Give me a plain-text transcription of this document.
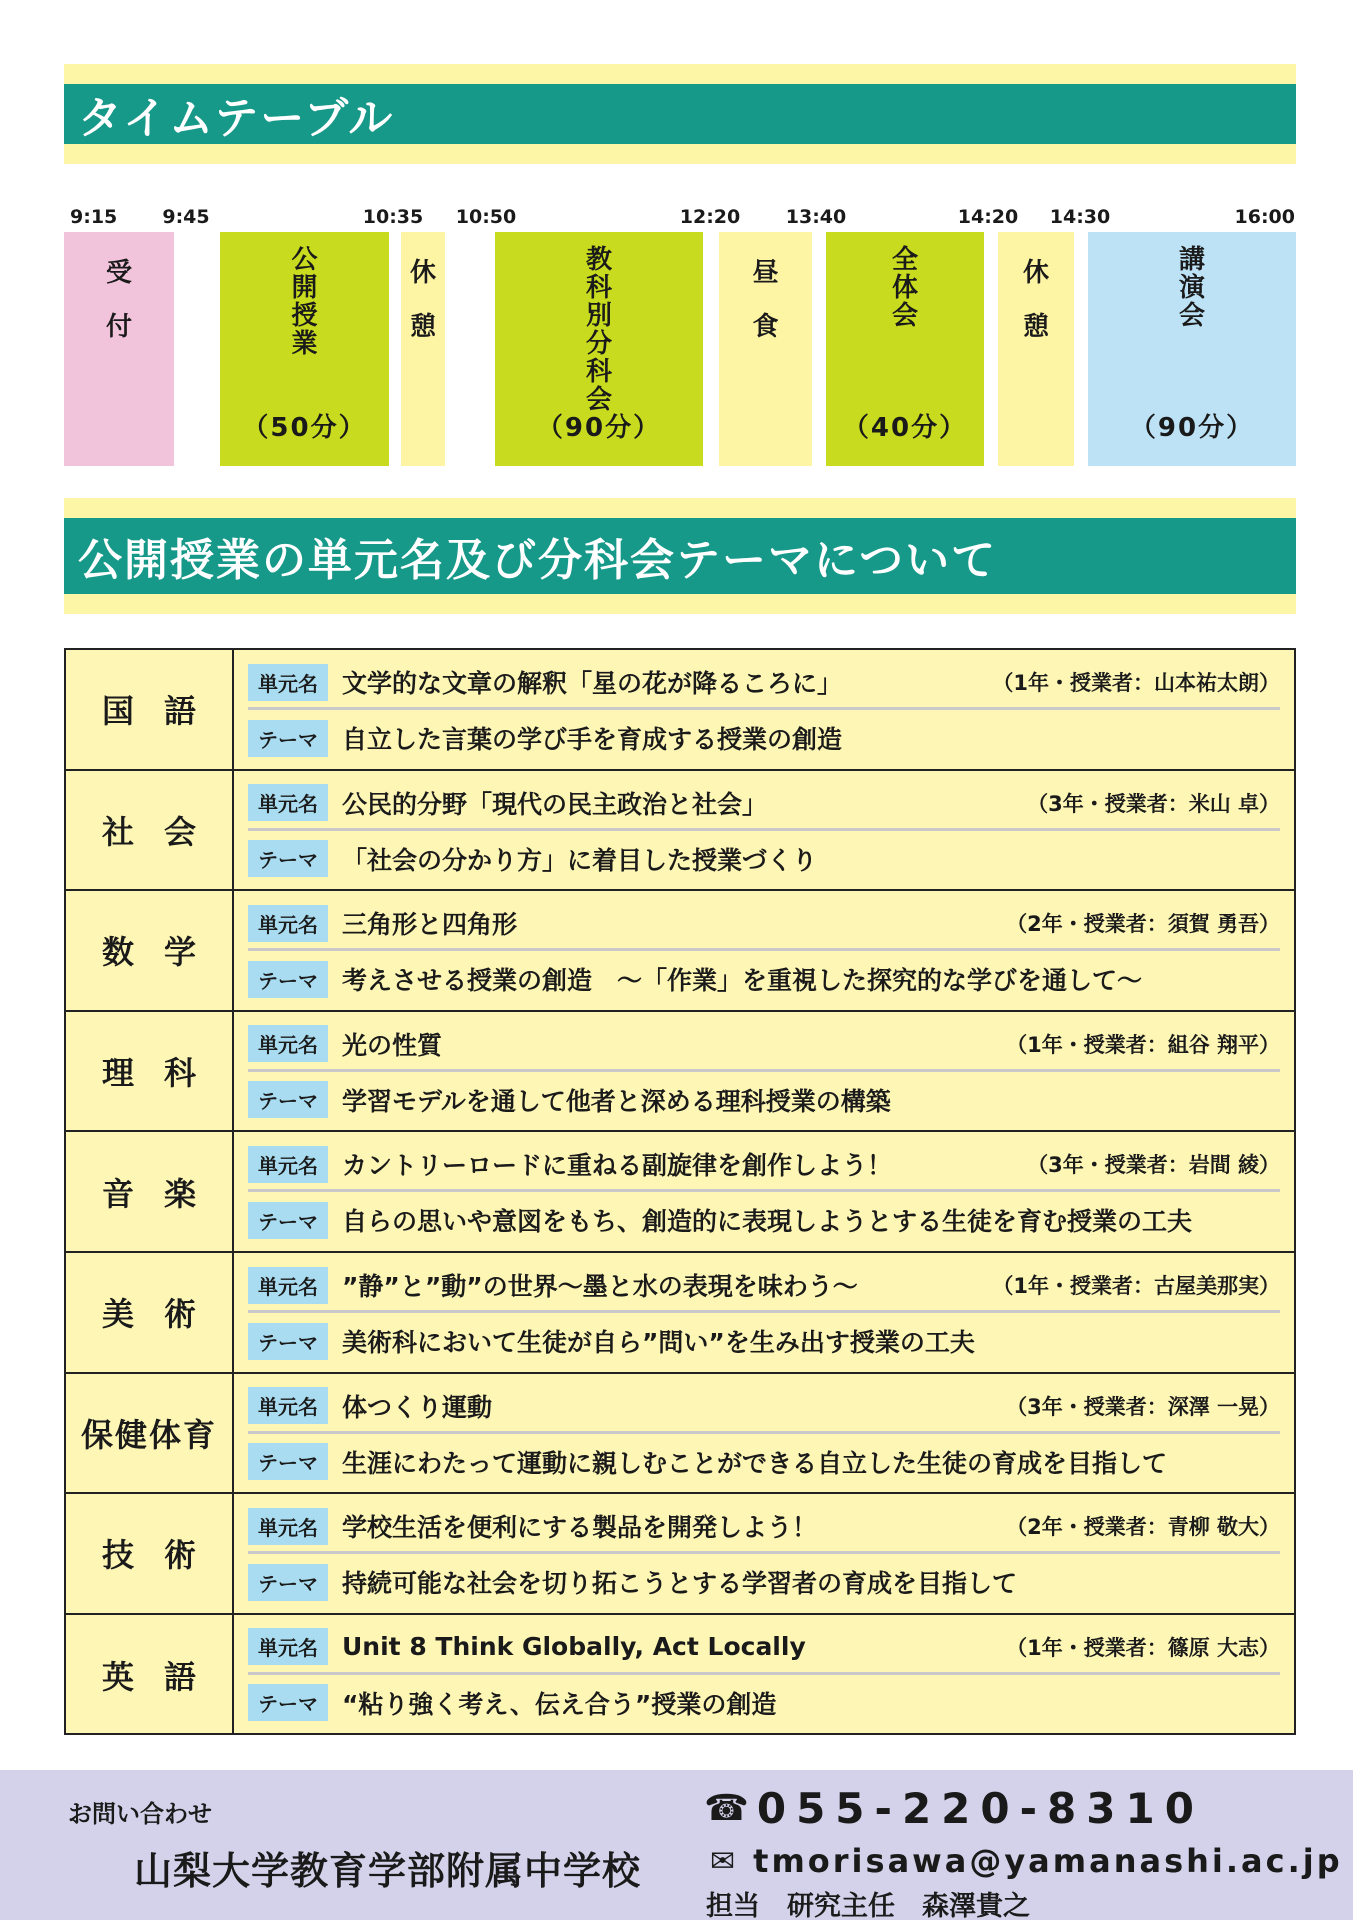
タイムテーブル
9:15 9:45	10:35 10:50	12:20 13:40	14:20 14:30	16:00
受
付
公
開
授
業
（50分）
休
憩
教
科
別
分
科
会
（90分）
昼
食
全
体
会
（40分）
休
憩
講
演
会
（90分）
公開授業の単元名及び分科会テーマについて
国語
単元名 文学的な文章の解釈「星の花が降るころに」	（1年・授業者：山本祐太朗）
テーマ 自立した言葉の学び手を育成する授業の創造
社会
単元名 公民的分野「現代の民主政治と社会」	（3年・授業者：米山 卓）
テーマ 「社会の分かり方」に着目した授業づくり
数学
単元名 三角形と四角形	（2年・授業者：須賀 勇吾）
テーマ 考えさせる授業の創造　～「作業」を重視した探究的な学びを通して～
理科
単元名 光の性質	（1年・授業者：組谷 翔平）
テーマ 学習モデルを通して他者と深める理科授業の構築
音楽
単元名 カントリーロードに重ねる副旋律を創作しよう！	（3年・授業者：岩間 綾）
テーマ 自らの思いや意図をもち、創造的に表現しようとする生徒を育む授業の工夫
美術
単元名 ”静”と”動”の世界～墨と水の表現を味わう～	（1年・授業者：古屋美那実）
テーマ 美術科において生徒が自ら”問い”を生み出す授業の工夫
保健体育
単元名 体つくり運動	（3年・授業者：深澤 一晃）
テーマ 生涯にわたって運動に親しむことができる自立した生徒の育成を目指して
技術
単元名 学校生活を便利にする製品を開発しよう！	（2年・授業者：青柳 敬大）
テーマ 持続可能な社会を切り拓こうとする学習者の育成を目指して
英語
単元名 Unit 8 Think Globally, Act Locally	（1年・授業者：篠原 大志）
テーマ “粘り強く考え、伝え合う”授業の創造
お問い合わせ
山梨大学教育学部附属中学校
☎ 055-220-8310
✉ tmorisawa@yamanashi.ac.jp
担当　研究主任　森澤貴之
